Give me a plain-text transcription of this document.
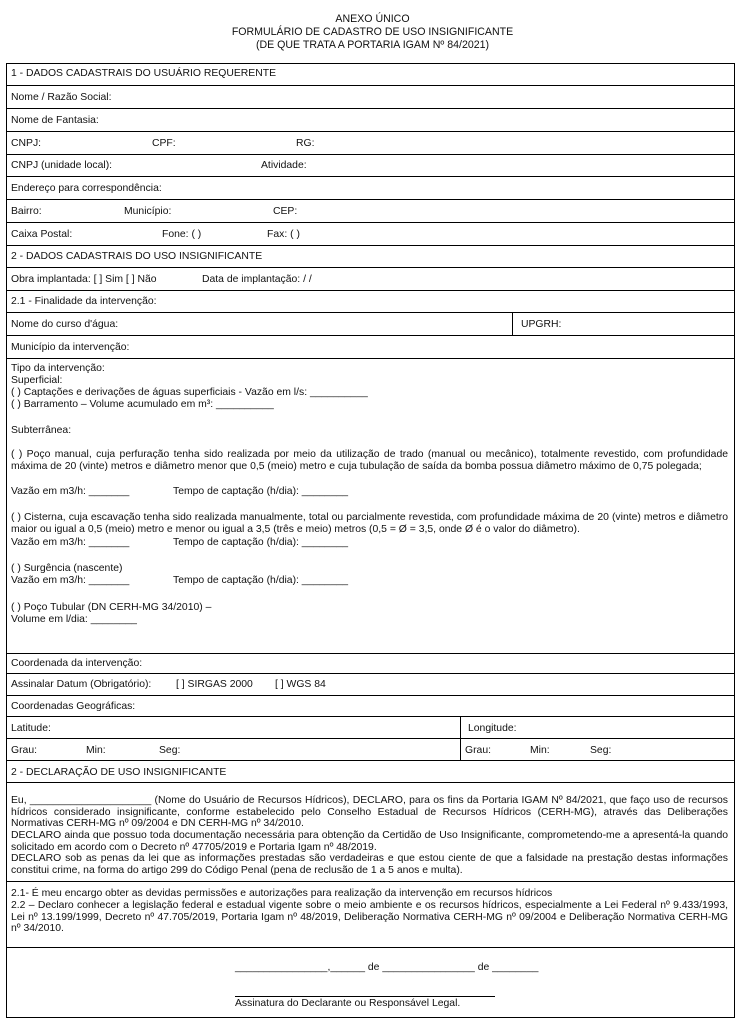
ANEXO ÚNICO
FORMULÁRIO DE CADASTRO DE USO INSIGNIFICANTE
(DE QUE TRATA A PORTARIA IGAM Nº 84/2021)
1 - DADOS CADASTRAIS DO USUÁRIO REQUERENTE
Nome / Razão Social:
Nome de Fantasia:
CNPJ:	CPF:	RG:
CNPJ (unidade local):	Atividade:
Endereço para correspondência:
Bairro:	Município:	CEP:
Caixa Postal:	Fone: ( )	Fax: ( )
2 - DADOS CADASTRAIS DO USO INSIGNIFICANTE
Obra implantada: [ ] Sim [ ] Não	Data de implantação: / /
2.1 - Finalidade da intervenção:
Nome do curso d'água:	UPGRH:
Município da intervenção:
Tipo da intervenção:
Superficial:
( ) Captações e derivações de águas superficiais - Vazão em l/s: __________
( ) Barramento – Volume acumulado em m³: __________
Subterrânea:
( ) Poço manual, cuja perfuração tenha sido realizada por meio da utilização de trado (manual ou mecânico), totalmente revestido, com profundidade máxima de 20 (vinte) metros e diâmetro menor que 0,5 (meio) metro e cuja tubulação de saída da bomba possua diâmetro máximo de 0,75 polegada;
Vazão em m3/h: _______	Tempo de captação (h/dia): ________
( ) Cisterna, cuja escavação tenha sido realizada manualmente, total ou parcialmente revestida, com profundidade máxima de 20 (vinte) metros e diâmetro maior ou igual a 0,5 (meio) metro e menor ou igual a 3,5 (três e meio) metros (0,5 = Ø = 3,5, onde Ø é o valor do diâmetro).
Vazão em m3/h: _______	Tempo de captação (h/dia): ________
( ) Surgência (nascente)
Vazão em m3/h: _______	Tempo de captação (h/dia): ________
( ) Poço Tubular (DN CERH-MG 34/2010) –
Volume em l/dia: ________
Coordenada da intervenção:
Assinalar Datum (Obrigatório): [ ] SIRGAS 2000 [ ] WGS 84
Coordenadas Geográficas:
Latitude:	Longitude:
Grau:	Min:	Seg:	Grau:	Min:	Seg:
2 - DECLARAÇÃO DE USO INSIGNIFICANTE
Eu, _____________________ (Nome do Usuário de Recursos Hídricos), DECLARO, para os fins da Portaria IGAM Nº 84/2021, que faço uso de recursos hídricos considerado insignificante, conforme estabelecido pelo Conselho Estadual de Recursos Hídricos (CERH-MG), através das Deliberações Normativas CERH-MG nº 09/2004 e DN CERH-MG nº 34/2010.
DECLARO ainda que possuo toda documentação necessária para obtenção da Certidão de Uso Insignificante, comprometendo-me a apresentá-la quando solicitado em acordo com o Decreto nº 47705/2019 e Portaria Igam nº 48/2019.
DECLARO sob as penas da lei que as informações prestadas são verdadeiras e que estou ciente de que a falsidade na prestação destas informações constitui crime, na forma do artigo 299 do Código Penal (pena de reclusão de 1 a 5 anos e multa).
2.1- É meu encargo obter as devidas permissões e autorizações para realização da intervenção em recursos hídricos
2.2 – Declaro conhecer a legislação federal e estadual vigente sobre o meio ambiente e os recursos hídricos, especialmente a Lei Federal nº 9.433/1993, Lei nº 13.199/1999, Decreto nº 47.705/2019, Portaria Igam nº 48/2019, Deliberação Normativa CERH-MG nº 09/2004 e Deliberação Normativa CERH-MG nº 34/2010.
________________,______ de ________________ de ________
Assinatura do Declarante ou Responsável Legal.
